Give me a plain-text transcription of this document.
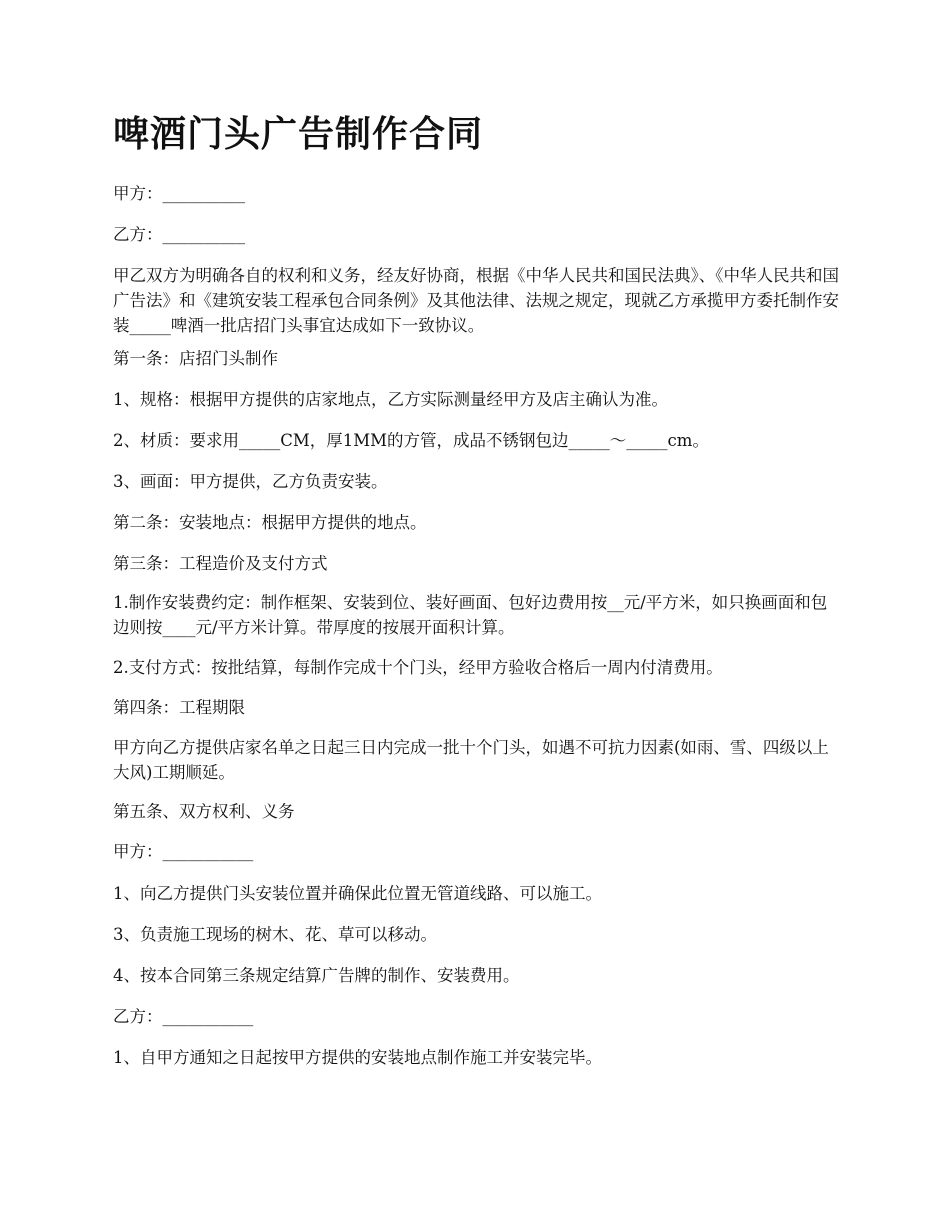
啤酒门头广告制作合同

甲方：__________

乙方：__________

甲乙双方为明确各自的权利和义务，经友好协商，根据《中华人民共和国民法典》、《中华人民共和国广告法》和《建筑安装工程承包合同条例》及其他法律、法规之规定，现就乙方承揽甲方委托制作安装_____啤酒一批店招门头事宜达成如下一致协议。

第一条：店招门头制作

1、规格：根据甲方提供的店家地点，乙方实际测量经甲方及店主确认为准。

2、材质：要求用_____CM，厚1MM的方管，成品不锈钢包边_____～_____cm。

3、画面：甲方提供，乙方负责安装。

第二条：安装地点：根据甲方提供的地点。

第三条：工程造价及支付方式

1.制作安装费约定：制作框架、安装到位、装好画面、包好边费用按__元/平方米，如只换画面和包边则按____元/平方米计算。带厚度的按展开面积计算。

2.支付方式：按批结算，每制作完成十个门头，经甲方验收合格后一周内付清费用。

第四条：工程期限

甲方向乙方提供店家名单之日起三日内完成一批十个门头，如遇不可抗力因素(如雨、雪、四级以上大风)工期顺延。

第五条、双方权利、义务

甲方：___________

1、向乙方提供门头安装位置并确保此位置无管道线路、可以施工。

3、负责施工现场的树木、花、草可以移动。

4、按本合同第三条规定结算广告牌的制作、安装费用。

乙方：___________

1、自甲方通知之日起按甲方提供的安装地点制作施工并安装完毕。
